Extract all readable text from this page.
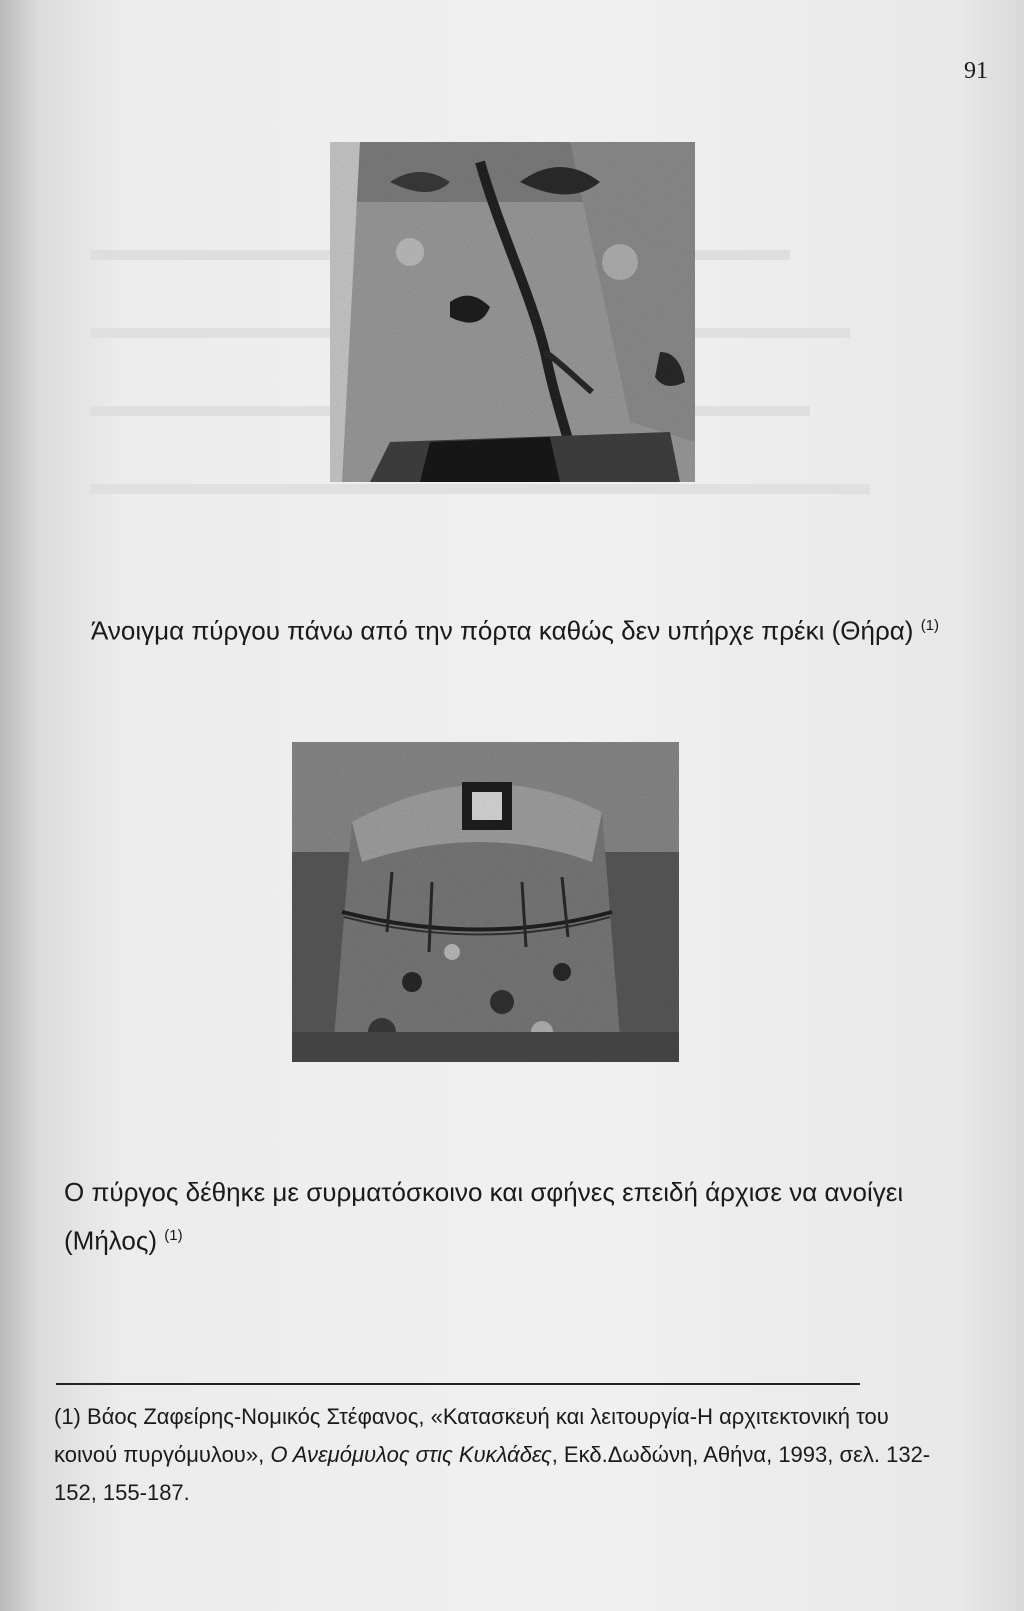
91
Άνοιγμα πύργου πάνω από την πόρτα καθώς δεν υπήρχε πρέκι (Θήρα) $^{(1)}$
Ο πύργος δέθηκε με συρματόσκοινο και σφήνες επειδή άρχισε να ανοίγει
(Μήλος) $^{(1)}$
(1) Βάος Ζαφείρης-Νομικός Στέφανος, «Κατασκευή και λειτουργία-Η αρχιτεκτονική του κοινού πυργόμυλου», Ο Ανεμόμυλος στις Κυκλάδες, Εκδ.Δωδώνη, Αθήνα, 1993, σελ. 132-152, 155-187.
